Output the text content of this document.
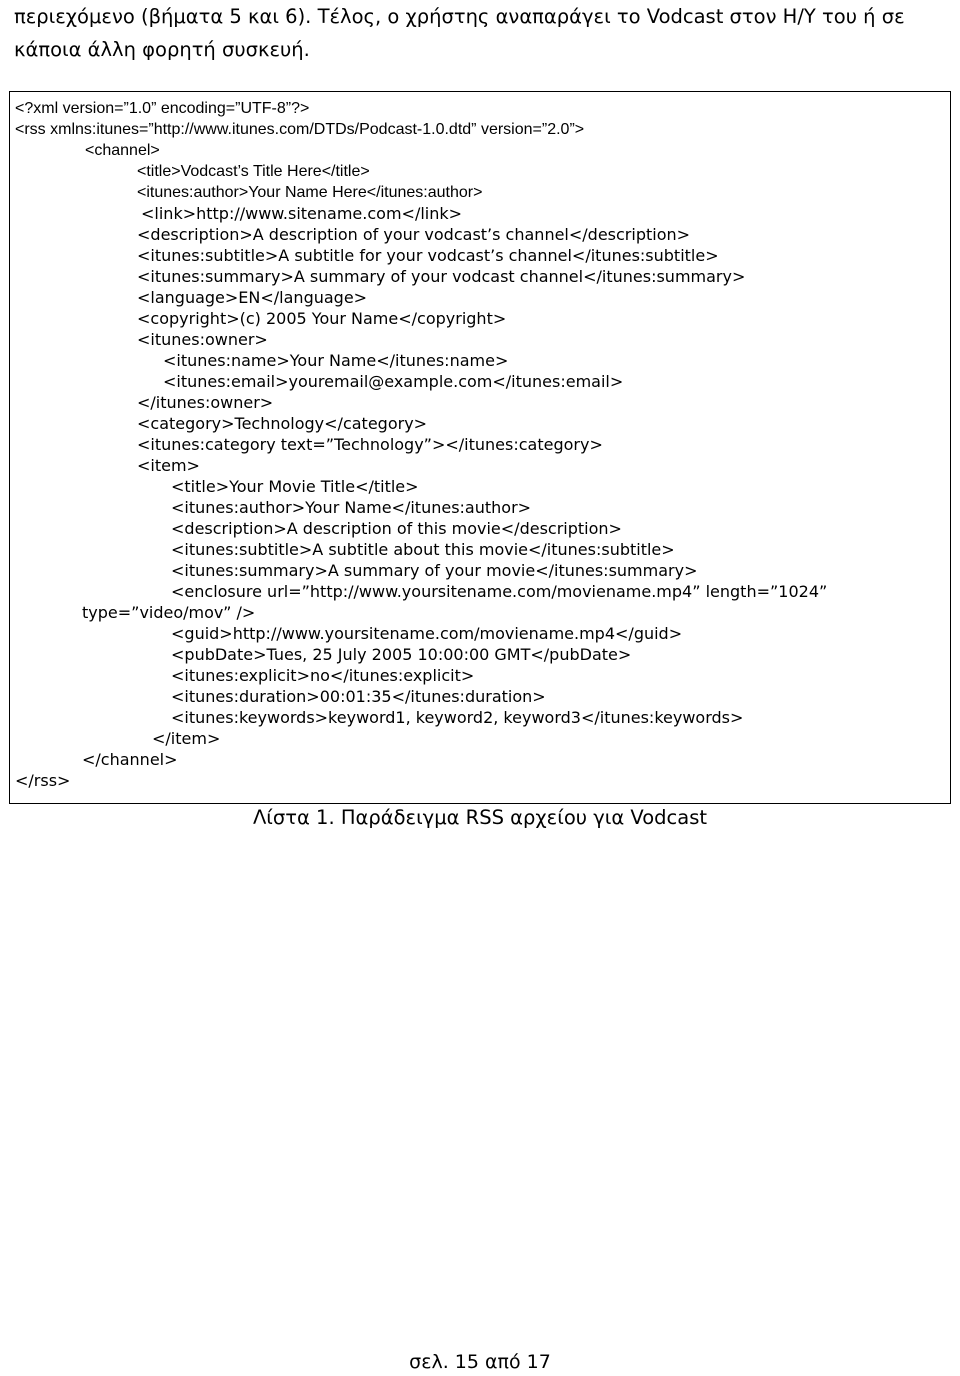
περιεχόμενο (βήματα 5 και 6). Τέλος, ο χρήστης αναπαράγει το Vodcast στον Η/Υ του ή σε

κάποια άλλη φορητή συσκευή.

<?xml version=”1.0” encoding=”UTF-8”?>
<rss xmlns:itunes=”http://www.itunes.com/DTDs/Podcast-1.0.dtd” version=”2.0”>
<channel>
<title>Vodcast’s Title Here</title>
<itunes:author>Your Name Here</itunes:author>
<link>http://www.sitename.com</link>
<description>A description of your vodcast’s channel</description>
<itunes:subtitle>A subtitle for your vodcast’s channel</itunes:subtitle>
<itunes:summary>A summary of your vodcast channel</itunes:summary>
<language>EN</language>
<copyright>(c) 2005 Your Name</copyright>
<itunes:owner>
<itunes:name>Your Name</itunes:name>
<itunes:email>youremail@example.com</itunes:email>
</itunes:owner>
<category>Technology</category>
<itunes:category text=”Technology”></itunes:category>
<item>
<title>Your Movie Title</title>
<itunes:author>Your Name</itunes:author>
<description>A description of this movie</description>
<itunes:subtitle>A subtitle about this movie</itunes:subtitle>
<itunes:summary>A summary of your movie</itunes:summary>
<enclosure url=”http://www.yoursitename.com/moviename.mp4” length=”1024”
type=”video/mov” />
<guid>http://www.yoursitename.com/moviename.mp4</guid>
<pubDate>Tues, 25 July 2005 10:00:00 GMT</pubDate>
<itunes:explicit>no</itunes:explicit>
<itunes:duration>00:01:35</itunes:duration>
<itunes:keywords>keyword1, keyword2, keyword3</itunes:keywords>
</item>
</channel>
</rss>
Λίστα 1. Παράδειγμα RSS αρχείου για Vodcast
σελ. 15 από 17
